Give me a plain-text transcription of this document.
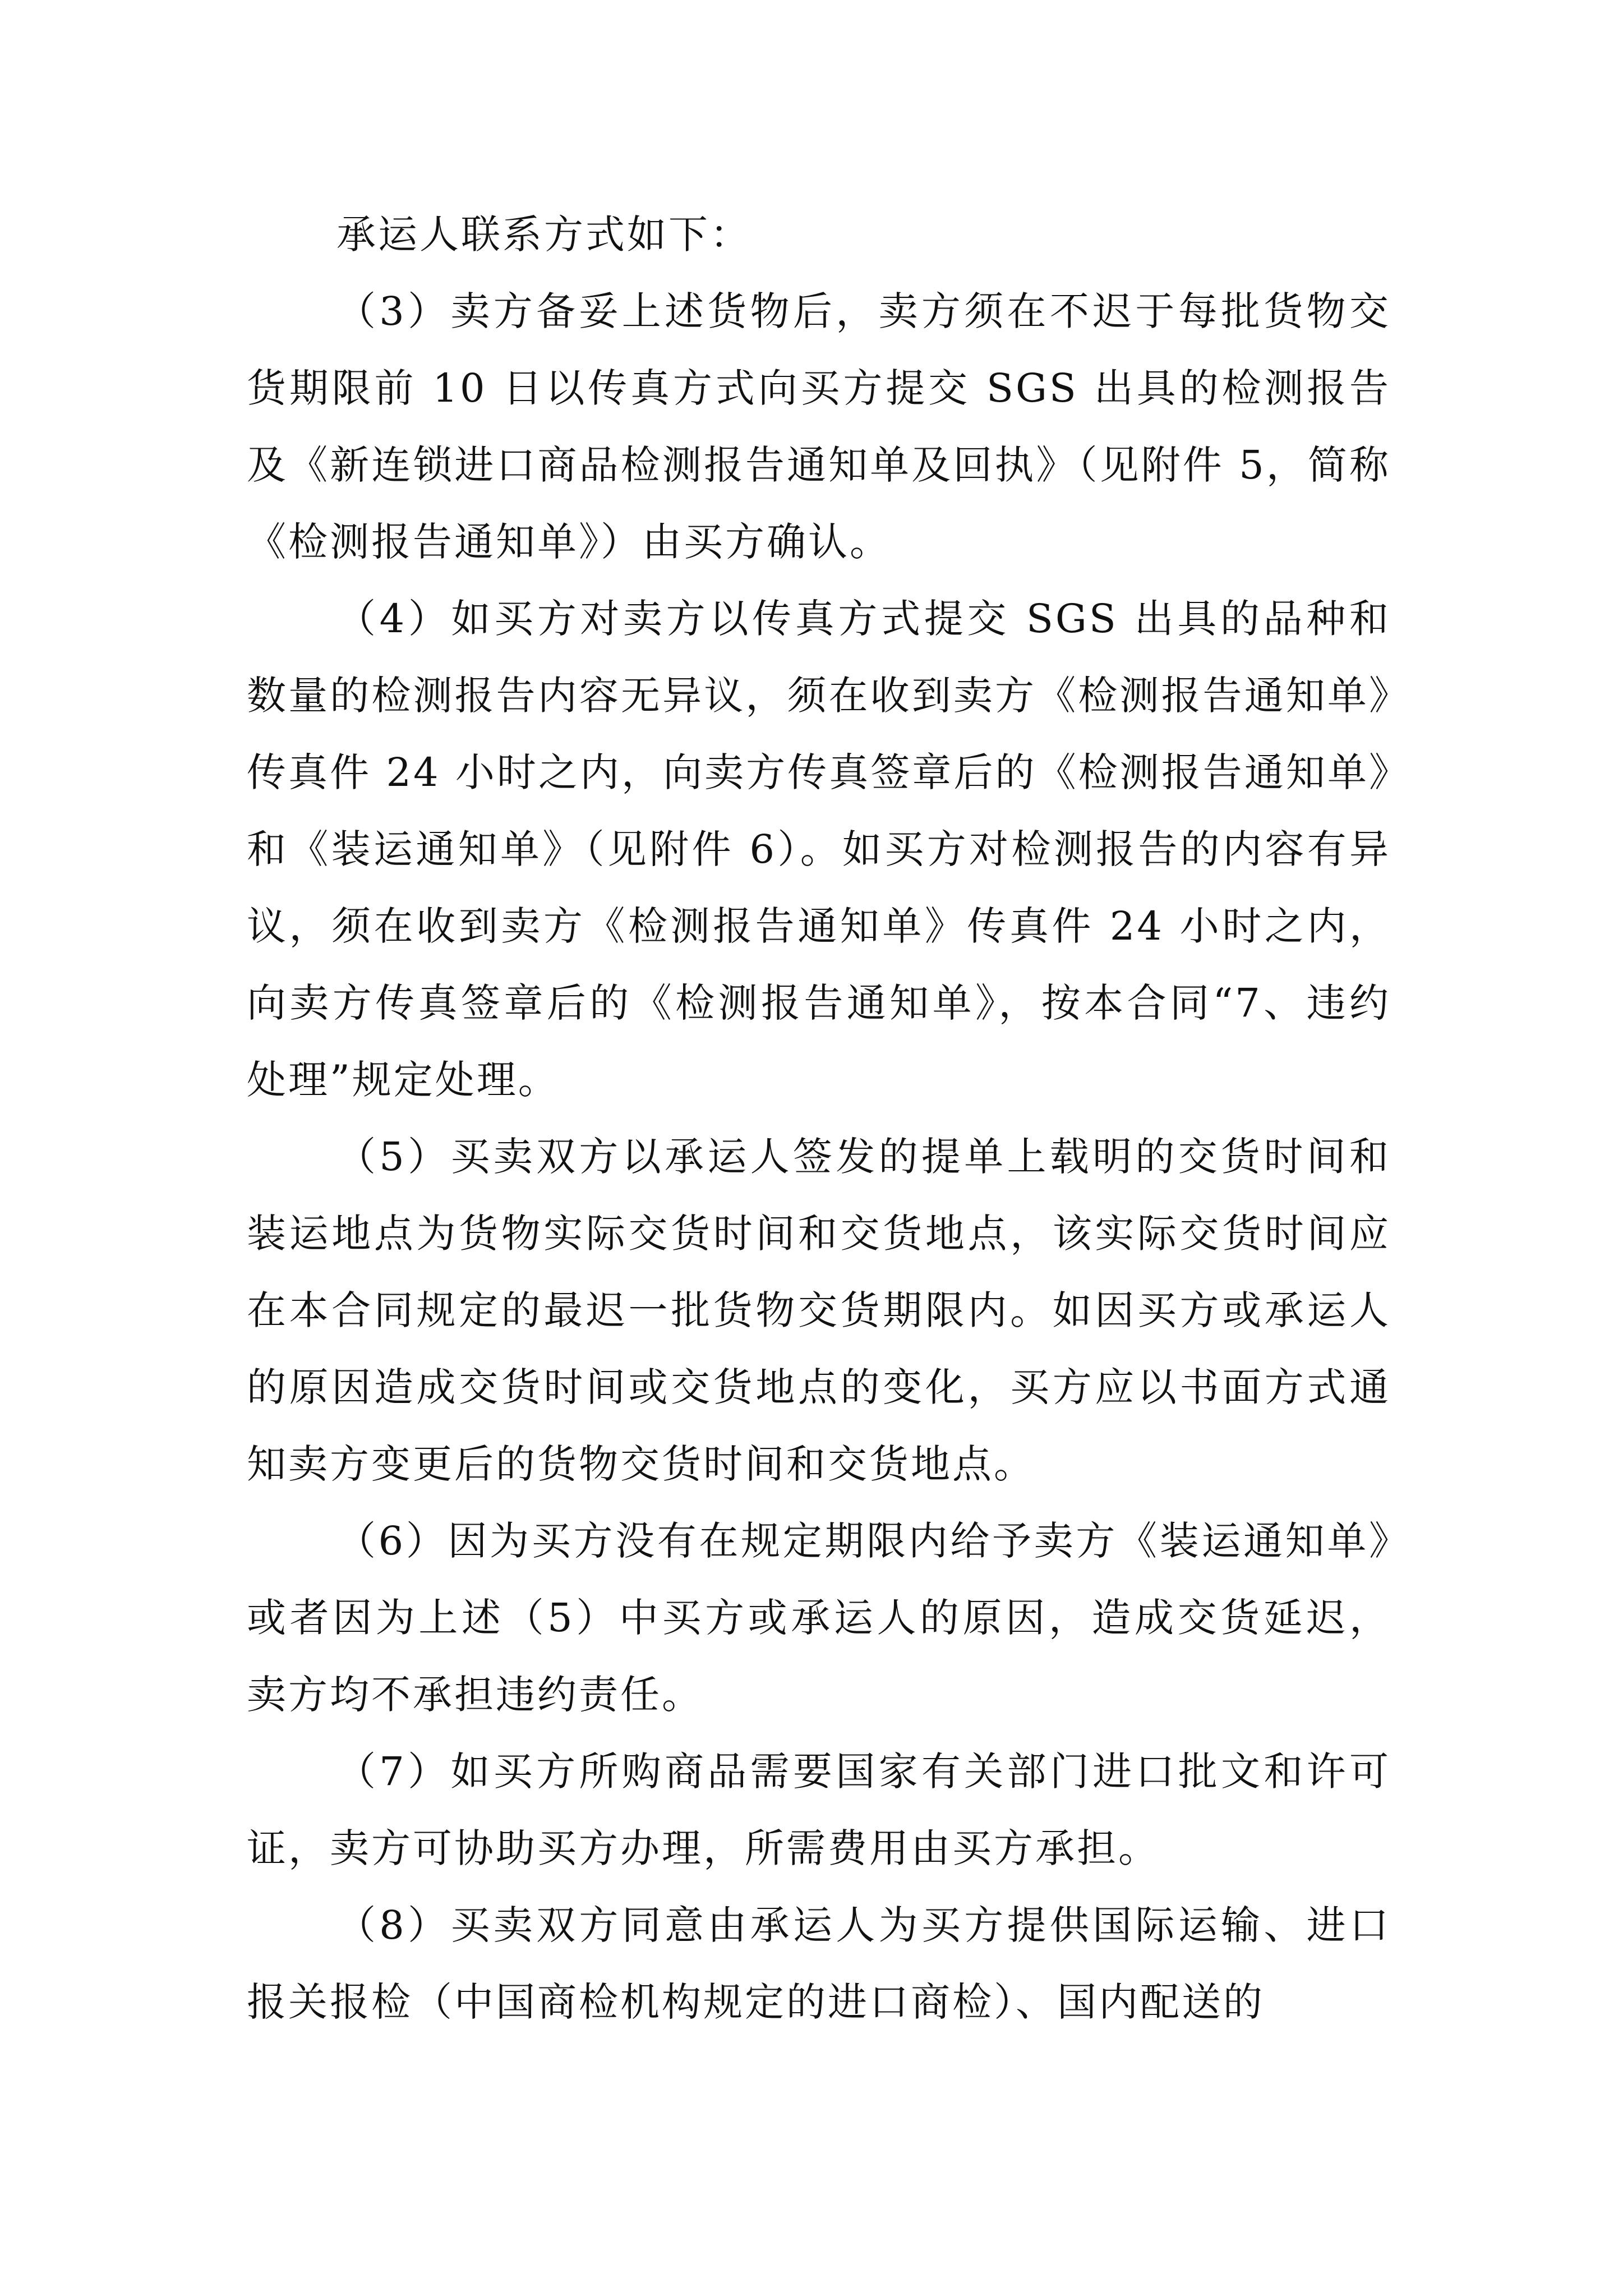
承运人联系方式如下：

（3）卖方备妥上述货物后，卖方须在不迟于每批货物交货期限前 10 日以传真方式向买方提交 SGS 出具的检测报告及《新连锁进口商品检测报告通知单及回执》（见附件 5，简称《检测报告通知单》）由买方确认。

（4）如买方对卖方以传真方式提交 SGS 出具的品种和数量的检测报告内容无异议，须在收到卖方《检测报告通知单》传真件 24 小时之内，向卖方传真签章后的《检测报告通知单》和《装运通知单》（见附件 6）。如买方对检测报告的内容有异议，须在收到卖方《检测报告通知单》传真件 24 小时之内，向卖方传真签章后的《检测报告通知单》，按本合同“7、违约处理”规定处理。

（5）买卖双方以承运人签发的提单上载明的交货时间和装运地点为货物实际交货时间和交货地点，该实际交货时间应在本合同规定的最迟一批货物交货期限内。如因买方或承运人的原因造成交货时间或交货地点的变化，买方应以书面方式通知卖方变更后的货物交货时间和交货地点。

（6）因为买方没有在规定期限内给予卖方《装运通知单》或者因为上述（5）中买方或承运人的原因，造成交货延迟，卖方均不承担违约责任。

（7）如买方所购商品需要国家有关部门进口批文和许可证，卖方可协助买方办理，所需费用由买方承担。

（8）买卖双方同意由承运人为买方提供国际运输、进口报关报检（中国商检机构规定的进口商检）、国内配送的
